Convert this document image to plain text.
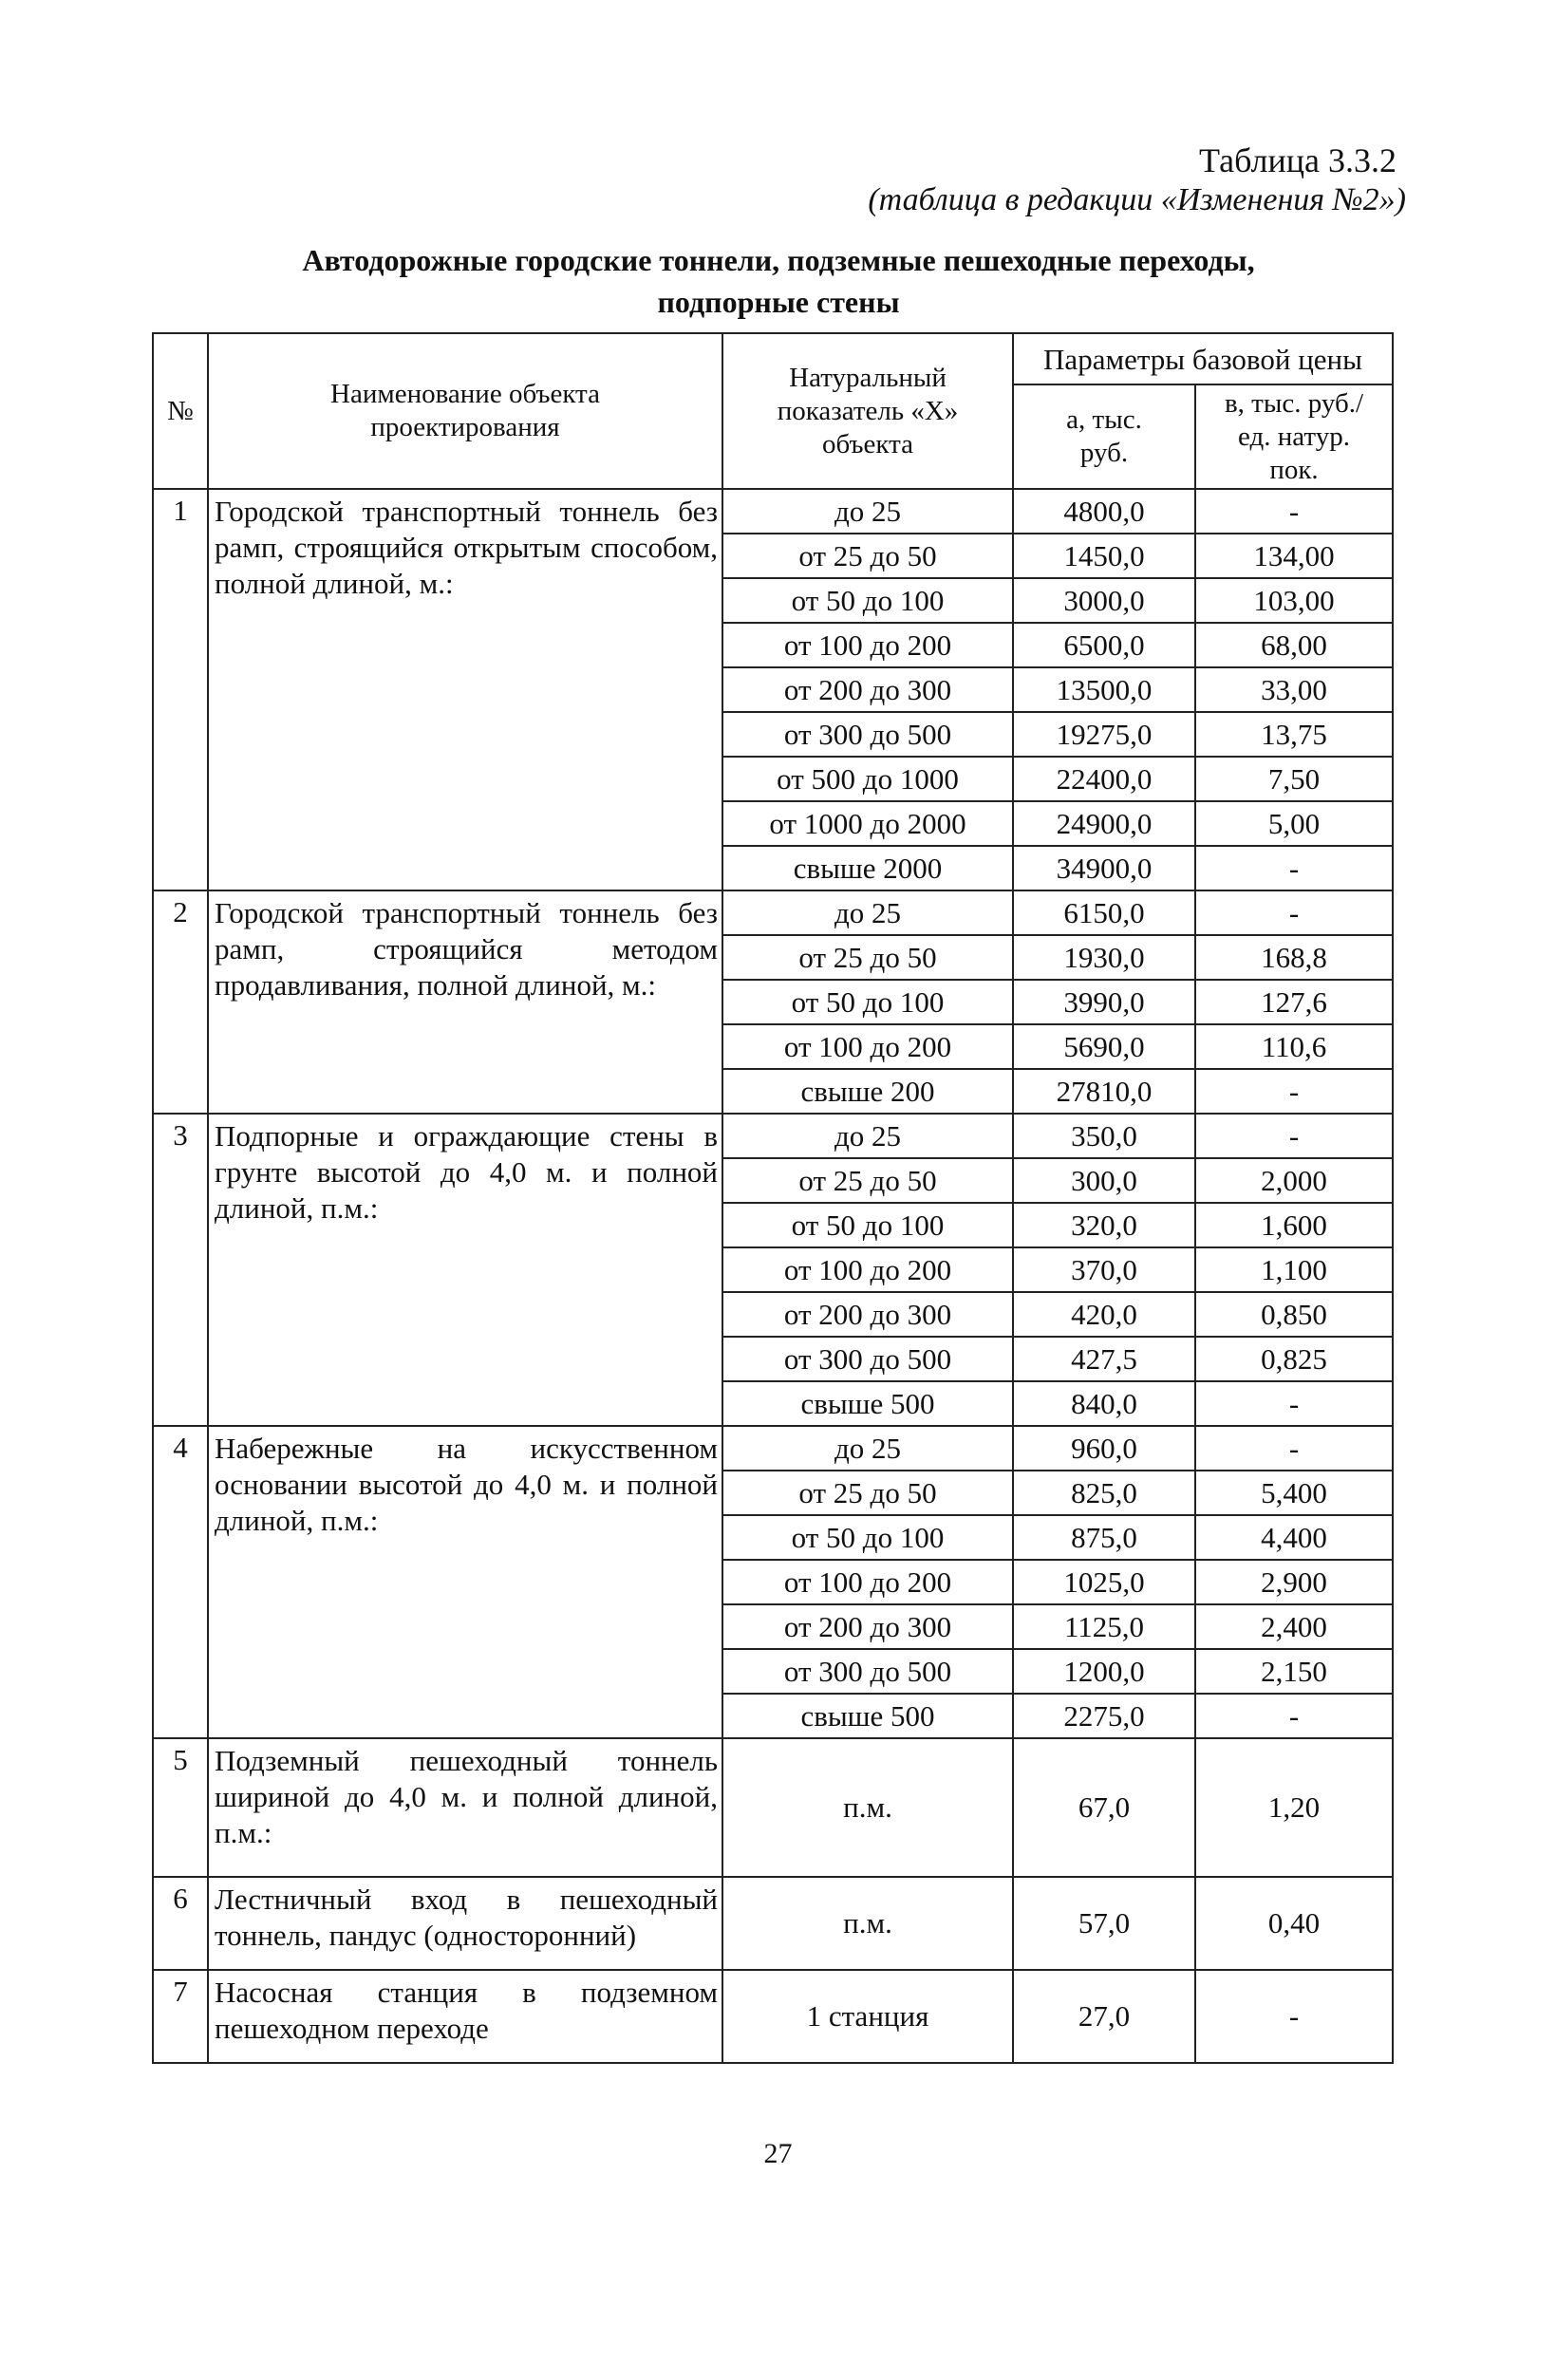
Таблица 3.3.2
(таблица в редакции «Изменения №2»)
Автодорожные городские тоннели, подземные пешеходные переходы,
подпорные стены
№	Наименование объекта проектирования	Натуральный показатель «Х» объекта	Параметры базовой цены	
			а, тыс. руб.	в, тыс. руб./ед. натур. пок.
1	Городской транспортный тоннель без рамп, строящийся открытым способом, полной длиной, м.:	до 25	4800,0	-
		от 25 до 50	1450,0	134,00
		от 50 до 100	3000,0	103,00
		от 100 до 200	6500,0	68,00
		от 200 до 300	13500,0	33,00
		от 300 до 500	19275,0	13,75
		от 500 до 1000	22400,0	7,50
		от 1000 до 2000	24900,0	5,00
		свыше 2000	34900,0	-
2	Городской транспортный тоннель без рамп, строящийся методом продавливания, полной длиной, м.:	до 25	6150,0	-
		от 25 до 50	1930,0	168,8
		от 50 до 100	3990,0	127,6
		от 100 до 200	5690,0	110,6
		свыше 200	27810,0	-
3	Подпорные и ограждающие стены в грунте высотой до 4,0 м. и полной длиной, п.м.:	до 25	350,0	-
		от 25 до 50	300,0	2,000
		от 50 до 100	320,0	1,600
		от 100 до 200	370,0	1,100
		от 200 до 300	420,0	0,850
		от 300 до 500	427,5	0,825
		свыше 500	840,0	-
4	Набережные на искусственном основании высотой до 4,0 м. и полной длиной, п.м.:	до 25	960,0	-
		от 25 до 50	825,0	5,400
		от 50 до 100	875,0	4,400
		от 100 до 200	1025,0	2,900
		от 200 до 300	1125,0	2,400
		от 300 до 500	1200,0	2,150
		свыше 500	2275,0	-
5	Подземный пешеходный тоннель шириной до 4,0 м. и полной длиной, п.м.:	п.м.	67,0	1,20
6	Лестничный вход в пешеходный тоннель, пандус (односторонний)	п.м.	57,0	0,40
7	Насосная станция в подземном пешеходном переходе	1 станция	27,0	-
27
